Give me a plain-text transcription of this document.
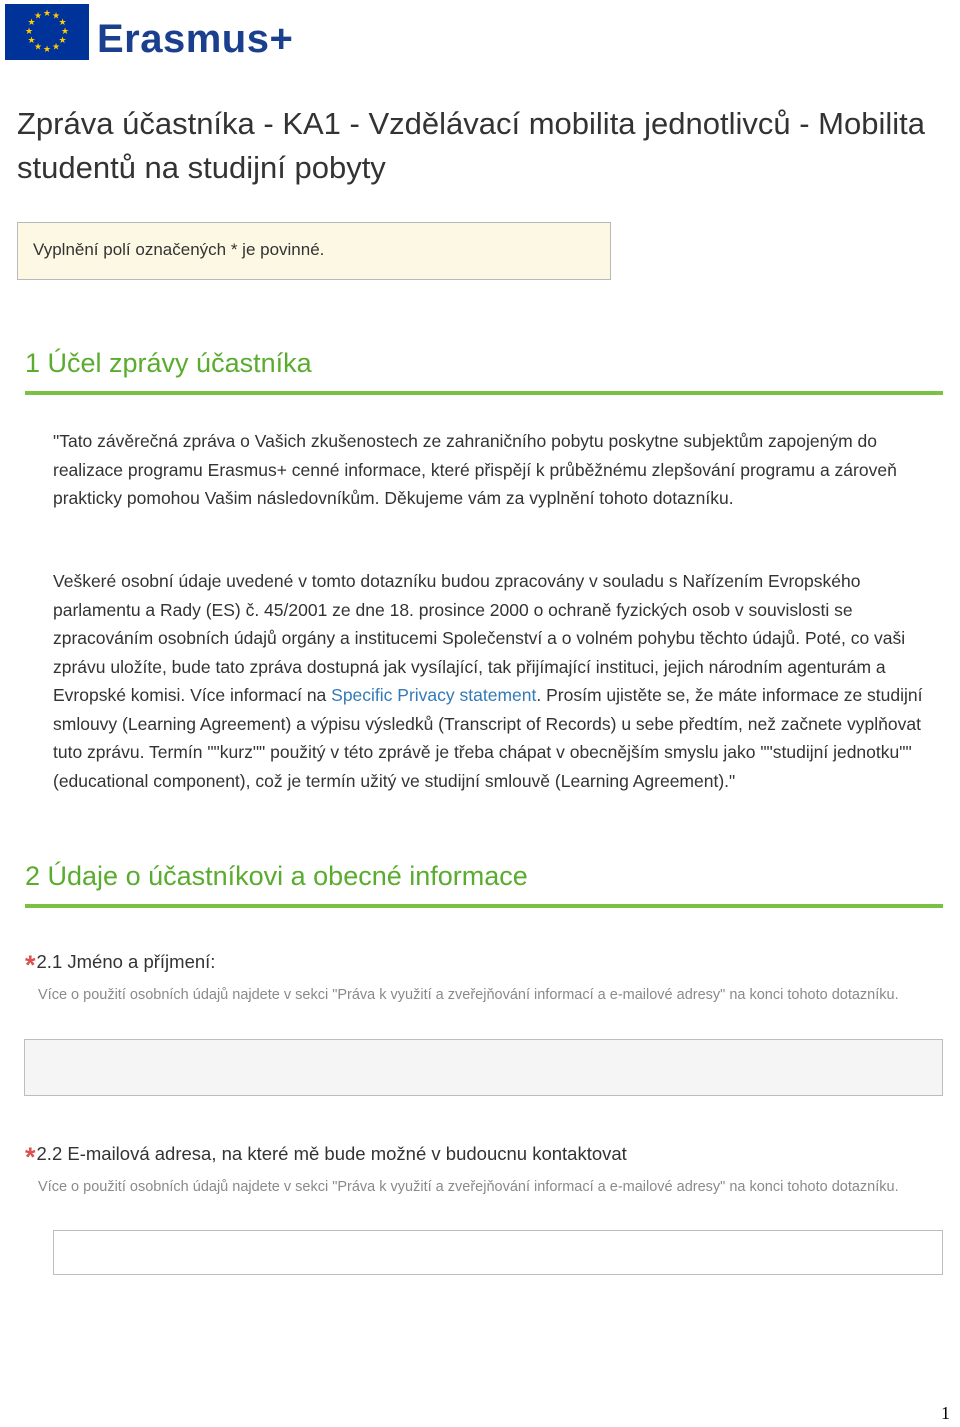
★ ★
★
★
★
★
★
★
★
★
★
★ Erasmus+
Zpráva účastníka - KA1 - Vzdělávací mobilita jednotlivců - Mobilita studentů na studijní pobyty
Vyplnění polí označených * je povinné.
1 Účel zprávy účastníka

"Tato závěrečná zpráva o Vašich zkušenostech ze zahraničního pobytu poskytne subjektům zapojeným do realizace programu Erasmus+ cenné informace, které přispějí k průběžnému zlepšování programu a zároveň prakticky pomohou Vašim následovníkům. Děkujeme vám za vyplnění tohoto dotazníku.

Veškeré osobní údaje uvedené v tomto dotazníku budou zpracovány v souladu s Nařízením Evropského parlamentu a Rady (ES) č. 45/2001 ze dne 18. prosince 2000 o ochraně fyzických osob v souvislosti se zpracováním osobních údajů orgány a institucemi Společenství a o volném pohybu těchto údajů. Poté, co vaši zprávu uložíte, bude tato zpráva dostupná jak vysílající, tak přijímající instituci, jejich národním agenturám a Evropské komisi. Více informací na Specific Privacy statement. Prosím ujistěte se, že máte informace ze studijní smlouvy (Learning Agreement) a výpisu výsledků (Transcript of Records) u sebe předtím, než začnete vyplňovat tuto zprávu. Termín ""kurz"" použitý v této zprávě je třeba chápat v obecnějším smyslu jako ""studijní jednotku"" (educational component), což je termín užitý ve studijní smlouvě (Learning Agreement)."

2 Údaje o účastníkovi a obecné informace
*2.1 Jméno a příjmení:

Více o použití osobních údajů najdete v sekci "Práva k využití a zveřejňování informací a e-mailové adresy" na konci tohoto dotazníku.

*2.2 E-mailová adresa, na které mě bude možné v budoucnu kontaktovat

Více o použití osobních údajů najdete v sekci "Práva k využití a zveřejňování informací a e-mailové adresy" na konci tohoto dotazníku.

1
